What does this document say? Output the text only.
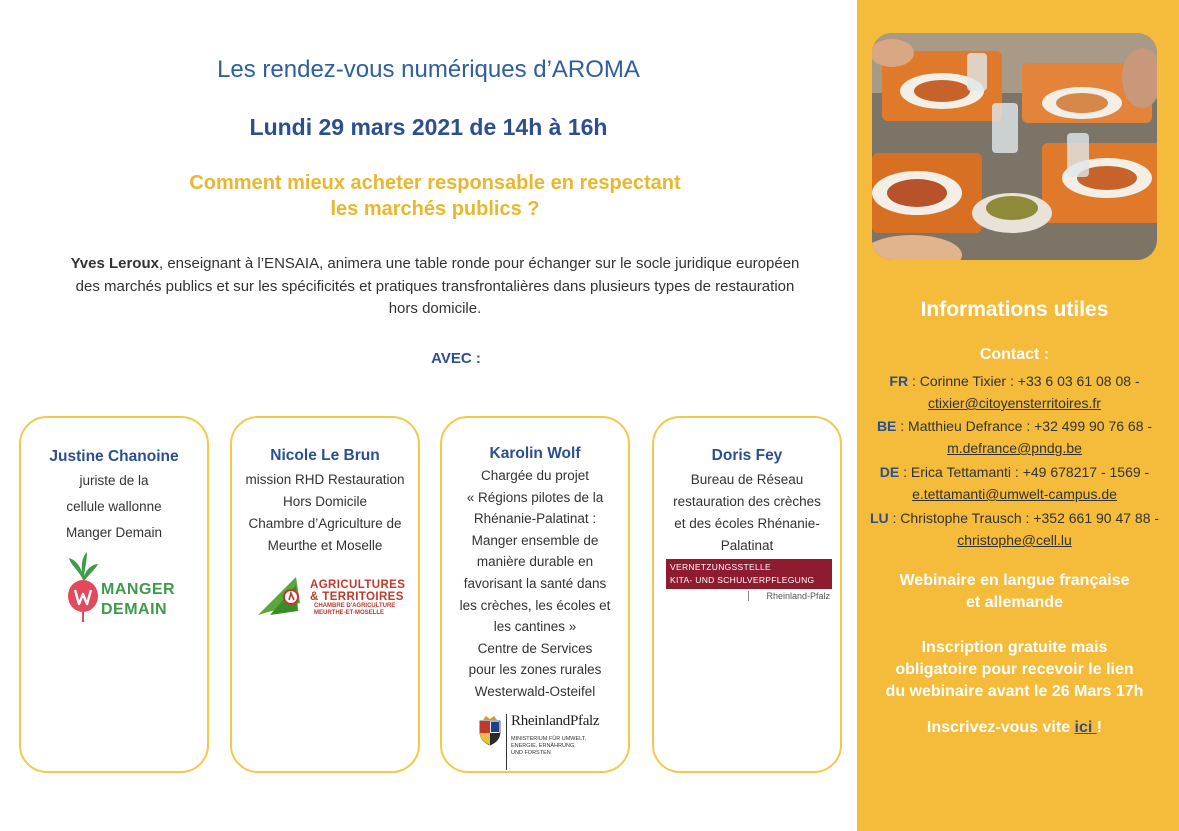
Les rendez-vous numériques d’AROMA
Lundi 29 mars 2021 de 14h à 16h
Comment mieux acheter responsable en respectant
les marchés publics ?

Yves Leroux, enseignant à l’ENSAIA, animera une table ronde pour échanger sur le socle juridique européen des marchés publics et sur les spécificités et pratiques transfrontalières dans plusieurs types de restauration hors domicile.

AVEC :
Justine Chanoine
juriste de la
cellule wallonne
Manger Demain
MANGER
DEMAIN
Nicole Le Brun
mission RHD Restauration
Hors Domicile
Chambre d’Agriculture de
Meurthe et Moselle
AGRICULTURES
& TERRITOIRES
CHAMBRE D'AGRICULTURE
MEURTHE-ET-MOSELLE
Karolin Wolf
Chargée du projet
« Régions pilotes de la
Rhénanie-Palatinat :
Manger ensemble de
manière durable en
favorisant la santé dans
les crèches, les écoles et
les cantines »
Centre de Services
pour les zones rurales
Westerwald-Osteifel
RheinlandPfalz
MINISTERIUM FÜR UMWELT,
ENERGIE, ERNÄHRUNG
UND FORSTEN
Doris Fey
Bureau de Réseau
restauration des crèches
et des écoles Rhénanie-
Palatinat
VERNETZUNGSSTELLE
KITA- UND SCHULVERPFLEGUNG
Rheinland-Pfalz
Informations utiles
Contact :
FR : Corinne Tixier : +33 6 03 61 08 08 -
ctixier@citoyensterritoires.fr
BE : Matthieu Defrance : +32 499 90 76 68 -
m.defrance@pndg.be
DE : Erica Tettamanti : +49 678217 - 1569 -
e.tettamanti@umwelt-campus.de
LU : Christophe Trausch : +352 661 90 47 88 -
christophe@cell.lu
Webinaire en langue française
et allemande
Inscription gratuite mais
obligatoire pour recevoir le lien
du webinaire avant le 26 Mars 17h
Inscrivez-vous vite ici !
